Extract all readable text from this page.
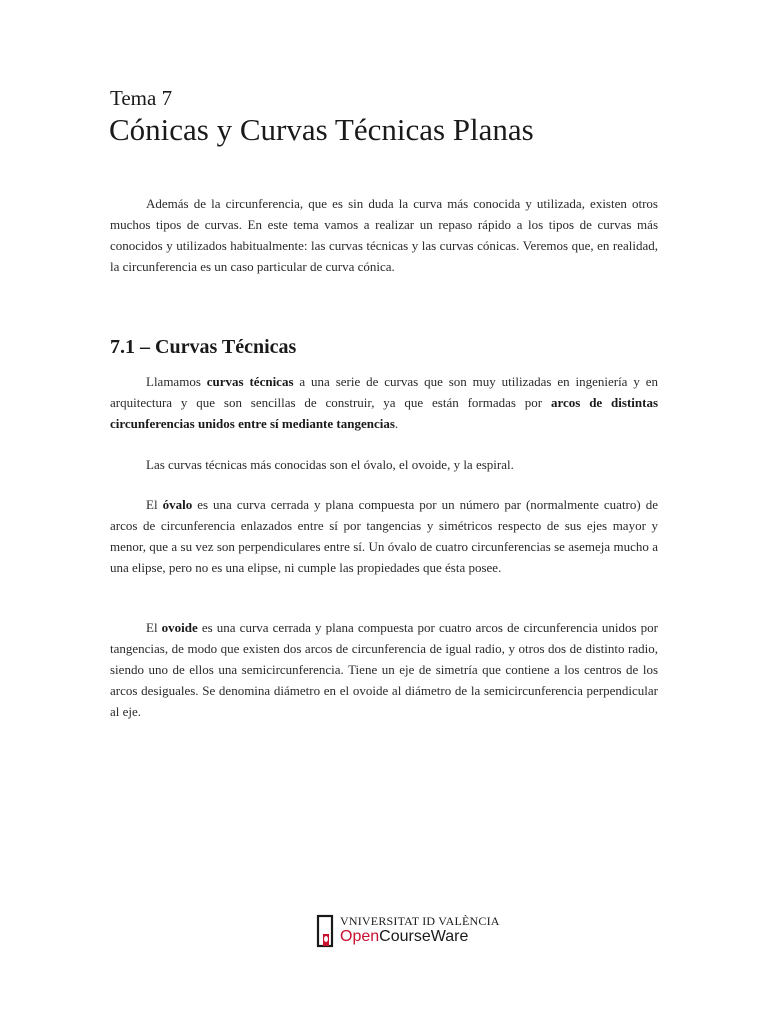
Tema 7
Cónicas y Curvas Técnicas Planas

Además de la circunferencia, que es sin duda la curva más conocida y utilizada, existen otros muchos tipos de curvas. En este tema vamos a realizar un repaso rápido a los tipos de curvas más conocidos y utilizados habitualmente: las curvas técnicas y las curvas cónicas. Veremos que, en realidad, la circunferencia es un caso particular de curva cónica.

7.1 – Curvas Técnicas

Llamamos curvas técnicas a una serie de curvas que son muy utilizadas en ingeniería y en arquitectura y que son sencillas de construir, ya que están formadas por arcos de distintas circunferencias unidos entre sí mediante tangencias.

Las curvas técnicas más conocidas son el óvalo, el ovoide, y la espiral.

El óvalo es una curva cerrada y plana compuesta por un número par (normalmente cuatro) de arcos de circunferencia enlazados entre sí por tangencias y simétricos respecto de sus ejes mayor y menor, que a su vez son perpendiculares entre sí. Un óvalo de cuatro circunferencias se asemeja mucho a una elipse, pero no es una elipse, ni cumple las propiedades que ésta posee.

El ovoide es una curva cerrada y plana compuesta por cuatro arcos de circunferencia unidos por tangencias, de modo que existen dos arcos de circunferencia de igual radio, y otros dos de distinto radio, siendo uno de ellos una semicircunferencia. Tiene un eje de simetría que contiene a los centros de los arcos desiguales. Se denomina diámetro en el ovoide al diámetro de la semicircunferencia perpendicular al eje.

VNIVERSITAT ID VALÈNCIA
OpenCourseWare
